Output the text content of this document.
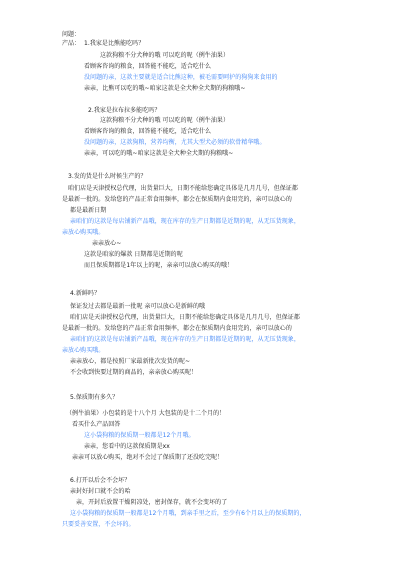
问题：
产品： 1.我家是比熊能吃吗？
这款狗粮不分犬种的哦 可以吃的呢（例牛油果）
看顾客咨询的粮食，回答能不能吃，适合吃什么
没问题的亲，这款主要就是适合比熊这种，被毛需要呵护的狗狗来食用的
亲亲，比熊可以吃的哦~咱家这款是全犬种全犬期的狗粮哦~
2.我家是拉布拉多能吃吗？
这款狗粮不分犬种的哦 可以吃的呢（例牛油果）
看顾客咨询的粮食，回答能不能吃，适合吃什么
没问题的亲，这款狗粮，营养均衡，尤其大型犬必须的软骨精华哦。
亲亲，可以吃的哦~咱家这款是全犬种全犬期的狗粮哦~
3.发的货是什么时候生产的？
咱们店是天津授权总代理，出货量巨大，日期不能给您确定具体是几月几号，但保证都
是最新一批的。发给您的产品正常食用频率，都会在保质期内食用完的，亲可以放心的
都是最新日期
亲咱们的这款是每店铺新产品哦，现在库存的生产日期都是近期的呢，从无压货现象，
亲放心购买哦。
亲亲放心~
这款是咱家的爆款 日期都是近期的呢
而且保质期都是1年以上的呢，亲亲可以放心购买的哦！
4.新鲜吗？
保证发过去都是最新一批呢 亲可以放心是新鲜的哦
咱们店是天津授权总代理，出货量巨大，日期不能给您确定具体是几月几号，但保证都
是最新一批的。发给您的产品正常食用频率，都会在保质期内食用完的，亲可以放心的
亲咱们的这款是每店铺新产品哦，现在库存的生产日期都是近期的呢，从无压货现象，
亲放心购买哦。
亲亲放心，都是按照厂家最新批次发货的呢~
不会收到快要过期的商品的，亲亲放心购买呢！
5.保质期有多久？
（例牛油果）小包装的是十八个月 大包装的是十二个月的！
看买什么产品回答
这小袋狗粮的保质期一般都是12个月哦。
亲亲，您看中的这款保质期是xx
亲亲可以放心购买，绝对不会过了保质期了还没吃完呢！
6.打开以后会不会坏？
亲封好封口就不会的哈
亲，开封后放置干燥阴凉处，密封保存，就不会变坏的了
这小袋狗粮的保质期一般都是12个月哦，到亲手里之后，至少有6个月以上的保质期的，
只要妥善安置，不会坏的。
